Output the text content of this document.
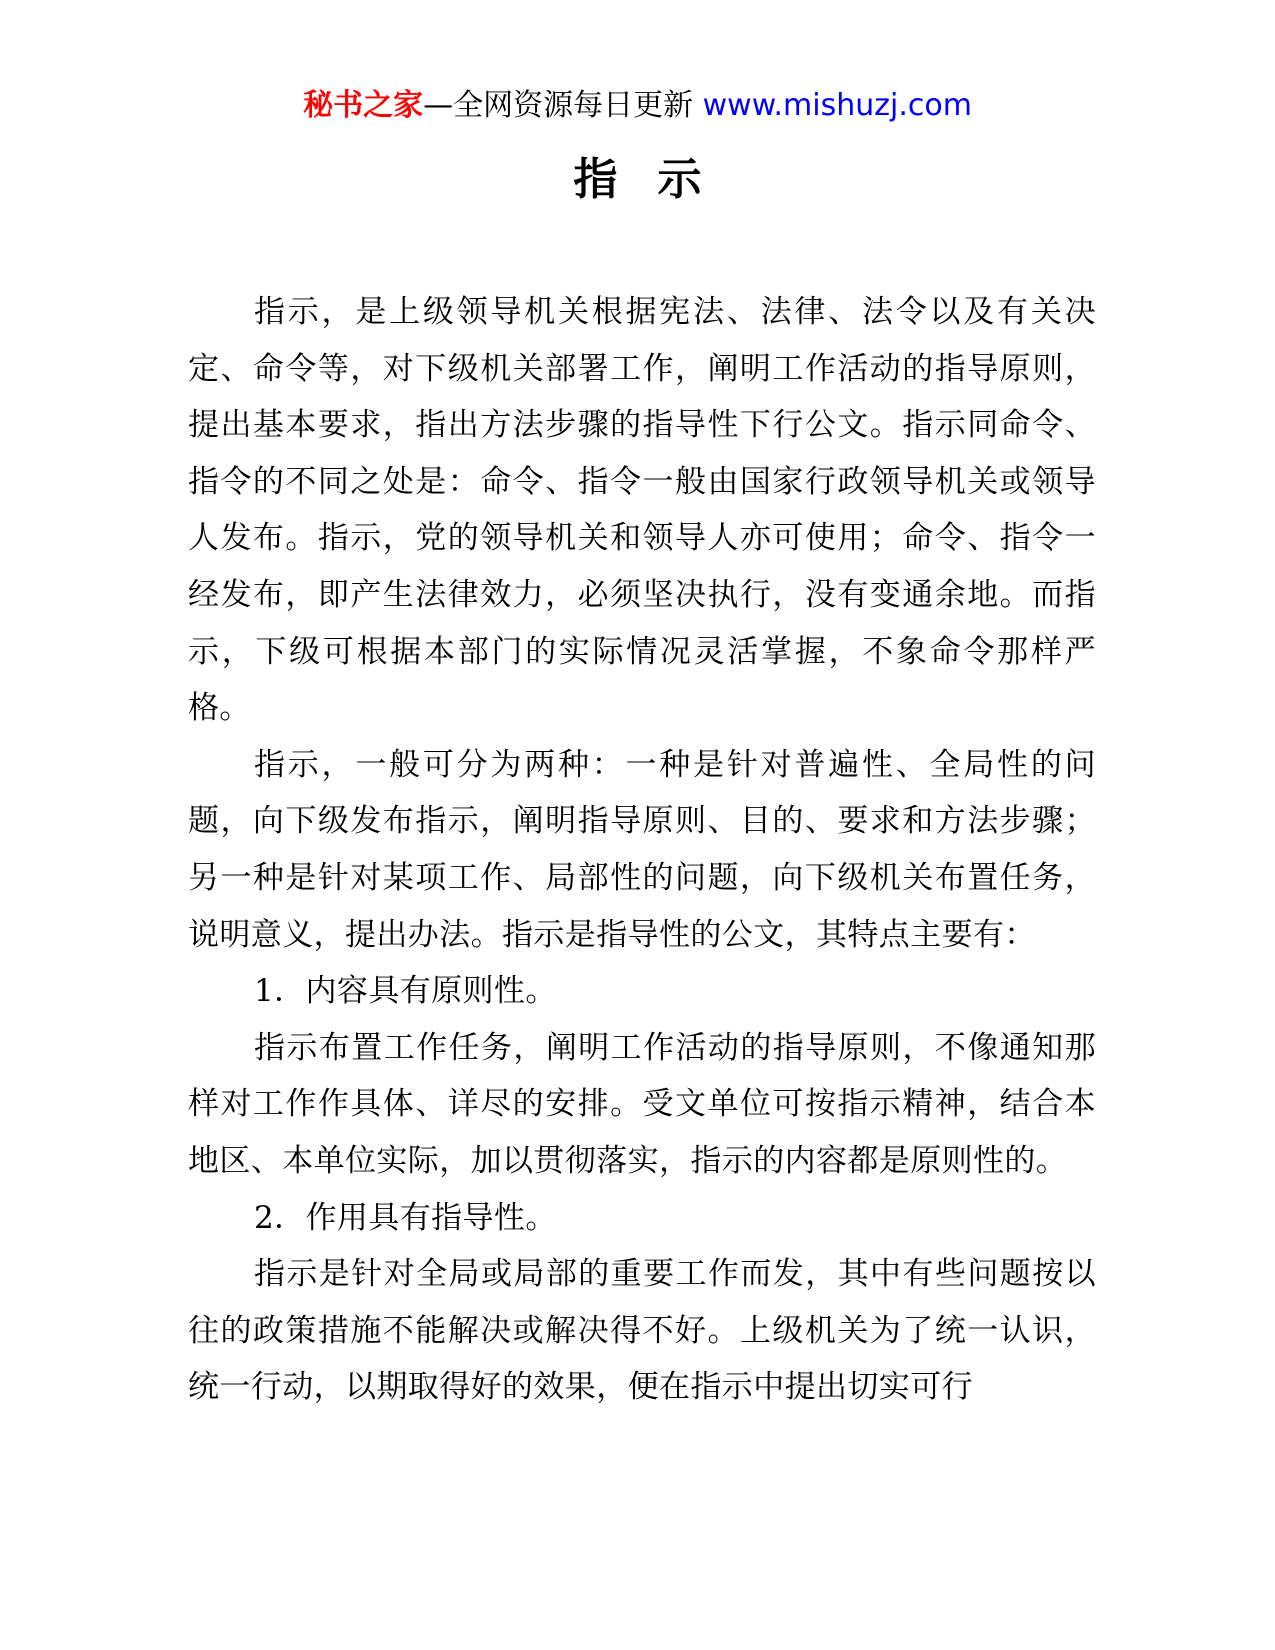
秘书之家—全网资源每日更新 www.mishuzj.com
指示

指示，是上级领导机关根据宪法、法律、法令以及有关决定、命令等，对下级机关部署工作，阐明工作活动的指导原则，提出基本要求，指出方法步骤的指导性下行公文。指示同命令、指令的不同之处是：命令、指令一般由国家行政领导机关或领导人发布。指示，党的领导机关和领导人亦可使用；命令、指令一经发布，即产生法律效力，必须坚决执行，没有变通余地。而指示，下级可根据本部门的实际情况灵活掌握，不象命令那样严格。

指示，一般可分为两种：一种是针对普遍性、全局性的问题，向下级发布指示，阐明指导原则、目的、要求和方法步骤；另一种是针对某项工作、局部性的问题，向下级机关布置任务，说明意义，提出办法。指示是指导性的公文，其特点主要有：

1．内容具有原则性。

指示布置工作任务，阐明工作活动的指导原则，不像通知那样对工作作具体、详尽的安排。受文单位可按指示精神，结合本地区、本单位实际，加以贯彻落实，指示的内容都是原则性的。

2．作用具有指导性。

指示是针对全局或局部的重要工作而发，其中有些问题按以往的政策措施不能解决或解决得不好。上级机关为了统一认识，统一行动，以期取得好的效果，便在指示中提出切实可行
